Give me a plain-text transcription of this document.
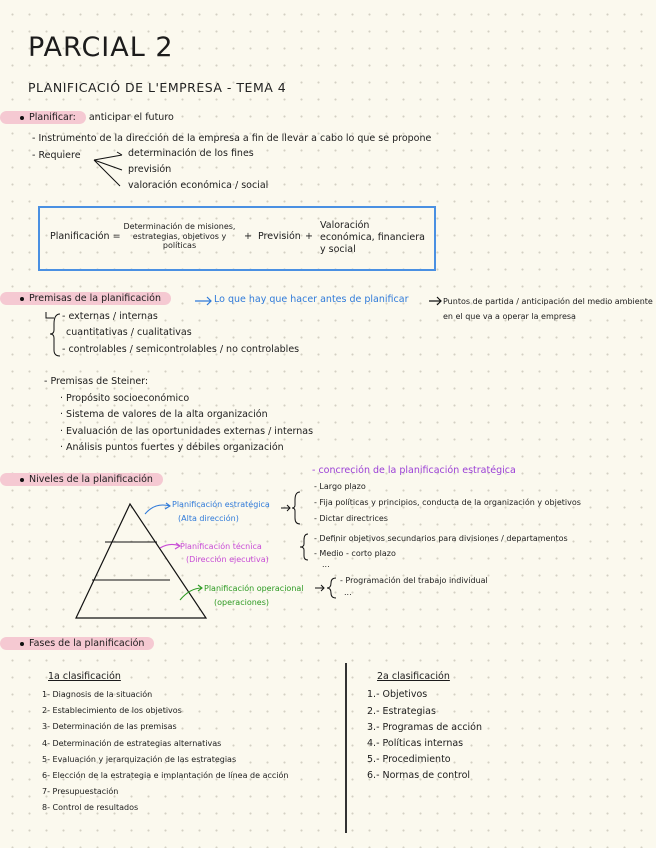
PARCIAL 2
PLANIFICACIÓ DE L'EMPRESA - TEMA 4
Planificar: anticipar el futuro
- Instrumento de la dirección de la empresa a fin de llevar a cabo lo que se propone
- Requiere	determinación de los fines
previsión
valoración económica / social
Planificación =
Determinación de misiones, estrategias, objetivos y políticas
+ Previsión +
Valoración económica, financiera y social
Premisas de la planificación	Lo que hay que hacer antes de planificar	Puntos de partida / anticipación del medio ambiente en el que va a operar la empresa
- externas / internas
cuantitativas / cualitativas
- controlables / semicontrolables / no controlables
- Premisas de Steiner:
· Propósito socioeconómico
· Sistema de valores de la alta organización
· Evaluación de las oportunidades externas / internas
· Análisis puntos fuertes y débiles organización
Niveles de la planificación
- concreción de la planificación estratégica
Planificación estratégica
(Alta dirección)
- Largo plazo
- Fija políticas y principios, conducta de la organización y objetivos
- Dictar directrices
Planificación técnica
(Dirección ejecutiva)
- Definir objetivos secundarios para divisiones / departamentos
- Medio - corto plazo
...
Planificación operacional
(operaciones)
- Programación del trabajo individual
...
Fases de la planificación
1a clasificación
1- Diagnosis de la situación
2- Establecimiento de los objetivos
3- Determinación de las premisas
4- Determinación de estrategias alternativas
5- Evaluación y jerarquización de las estrategias
6- Elección de la estrategia e implantación de línea de acción
7- Presupuestación
8- Control de resultados
2a clasificación
1.- Objetivos
2.- Estrategias
3.- Programas de acción
4.- Políticas internas
5.- Procedimiento
6.- Normas de control
